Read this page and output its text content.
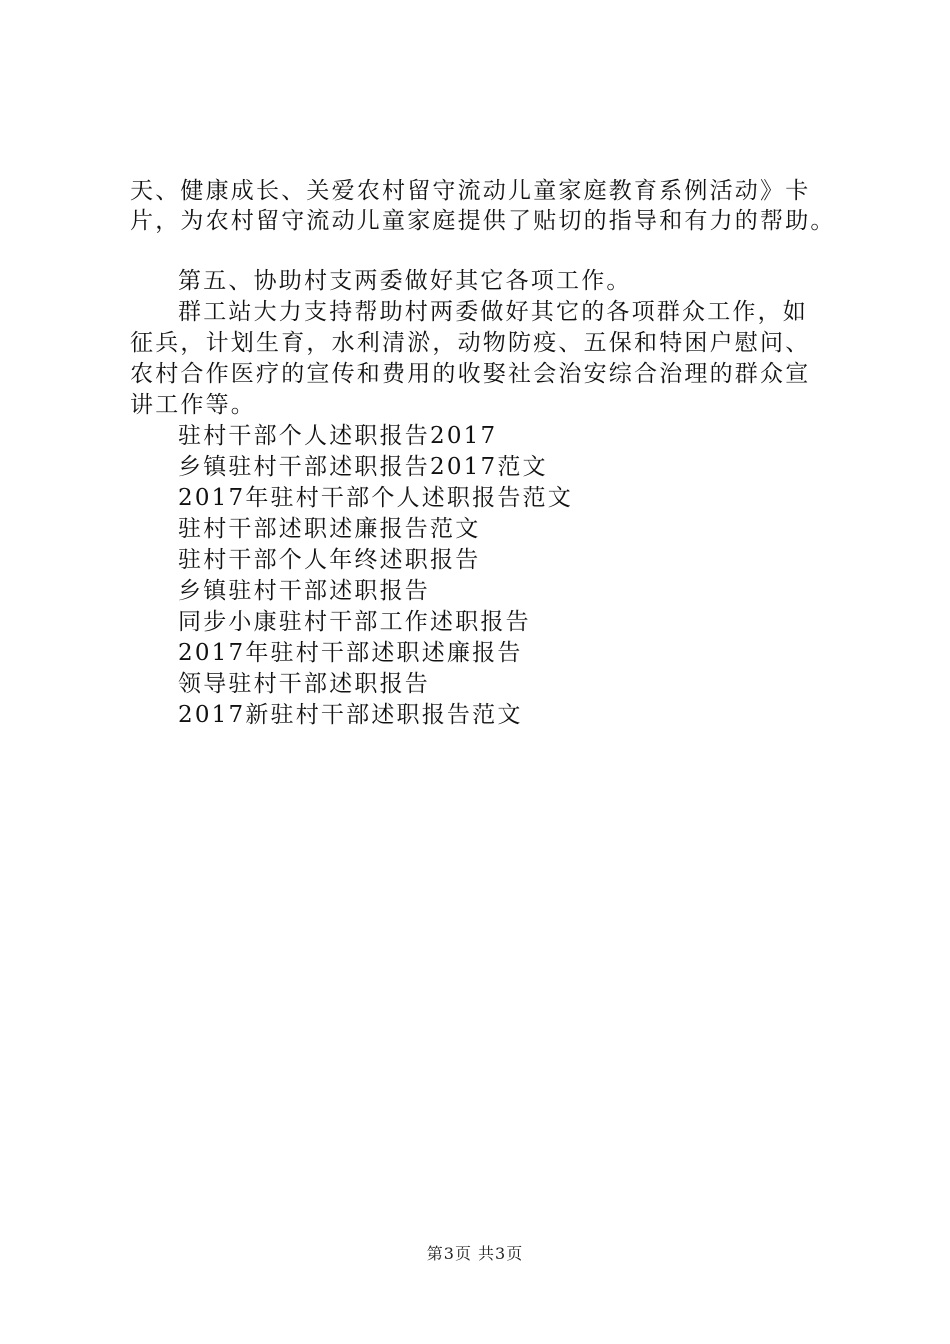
天、健康成长、关爱农村留守流动儿童家庭教育系例活动》卡
片，为农村留守流动儿童家庭提供了贴切的指导和有力的帮助。
第五、协助村支两委做好其它各项工作。
群工站大力支持帮助村两委做好其它的各项群众工作，如
征兵，计划生育，水利清淤，动物防疫、五保和特困户慰问、
农村合作医疗的宣传和费用的收娶社会治安综合治理的群众宣
讲工作等。
驻村干部个人述职报告2017
乡镇驻村干部述职报告2017范文
2017年驻村干部个人述职报告范文
驻村干部述职述廉报告范文
驻村干部个人年终述职报告
乡镇驻村干部述职报告
同步小康驻村干部工作述职报告
2017年驻村干部述职述廉报告
领导驻村干部述职报告
2017新驻村干部述职报告范文
第3页 共3页
